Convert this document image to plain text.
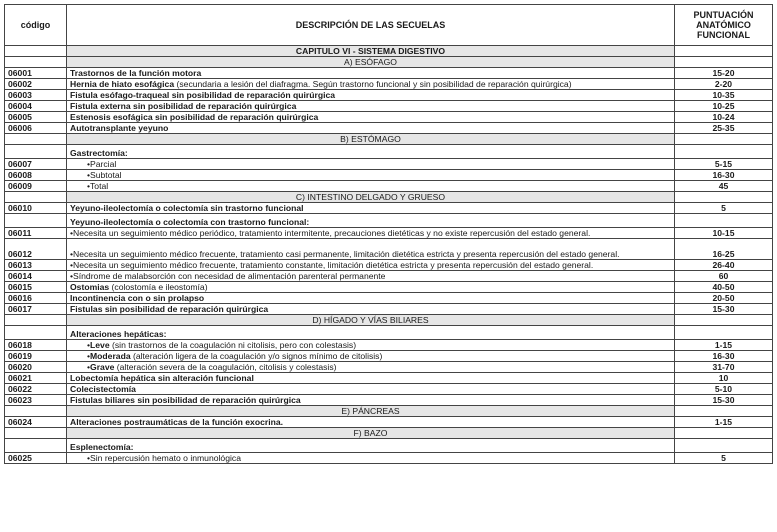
código	DESCRIPCIÓN DE LAS SECUELAS	PUNTUACIÓN ANATÓMICO FUNCIONAL
	CAPITULO VI - SISTEMA DIGESTIVO	
	A) ESÓFAGO	
06001	Trastornos de la función motora	15-20
06002	Hernia de hiato esofágica (secundaria a lesión del diafragma. Según trastorno funcional y sin posibilidad de reparación quirúrgica)	2-20
06003	Fistula esófago-traqueal sin posibilidad de reparación quirúrgica	10-35
06004	Fistula externa sin posibilidad de reparación quirúrgica	10-25
06005	Estenosis esofágica sin posibilidad de reparación quirúrgica	10-24
06006	Autotransplante yeyuno	25-35
	B) ESTÓMAGO	
	Gastrectomía:	
06007	•Parcial	5-15
06008	•Subtotal	16-30
06009	•Total	45
	C) INTESTINO DELGADO Y GRUESO	
06010	Yeyuno-ileolectomía o colectomía sin trastorno funcional	5
	Yeyuno-ileolectomía o colectomía con trastorno funcional:	
06011	•Necesita un seguimiento médico periódico, tratamiento intermitente, precauciones dietéticas y no existe repercusión del estado general.	10-15
06012	•Necesita un seguimiento médico frecuente, tratamiento casi permanente, limitación dietética estricta y presenta repercusión del estado general.	16-25
06013	•Necesita un seguimiento médico frecuente, tratamiento constante, limitación dietética estricta y presenta repercusión del estado general.	26-40
06014	•Síndrome de malabsorción con necesidad de alimentación parenteral permanente	60
06015	Ostomias (colostomía e ileostomía)	40-50
06016	Incontinencia con o sin prolapso	20-50
06017	Fistulas sin posibilidad de reparación quirúrgica	15-30
	D) HÍGADO Y VÍAS BILIARES	
	Alteraciones hepáticas:	
06018	•Leve (sin trastornos de la coagulación ni citolisis, pero con colestasis)	1-15
06019	•Moderada (alteración ligera de la coagulación y/o signos mínimo de citolisis)	16-30
06020	•Grave (alteración severa de la coagulación, citolisis y colestasis)	31-70
06021	Lobectomía hepática sin alteración funcional	10
06022	Colecistectomía	5-10
06023	Fistulas biliares sin posibilidad de reparación quirúrgica	15-30
	E) PÁNCREAS	
06024	Alteraciones postraumáticas de la función exocrina.	1-15
	F) BAZO	
	Esplenectomía:	
06025	•Sin repercusión hemato o inmunológica	5
